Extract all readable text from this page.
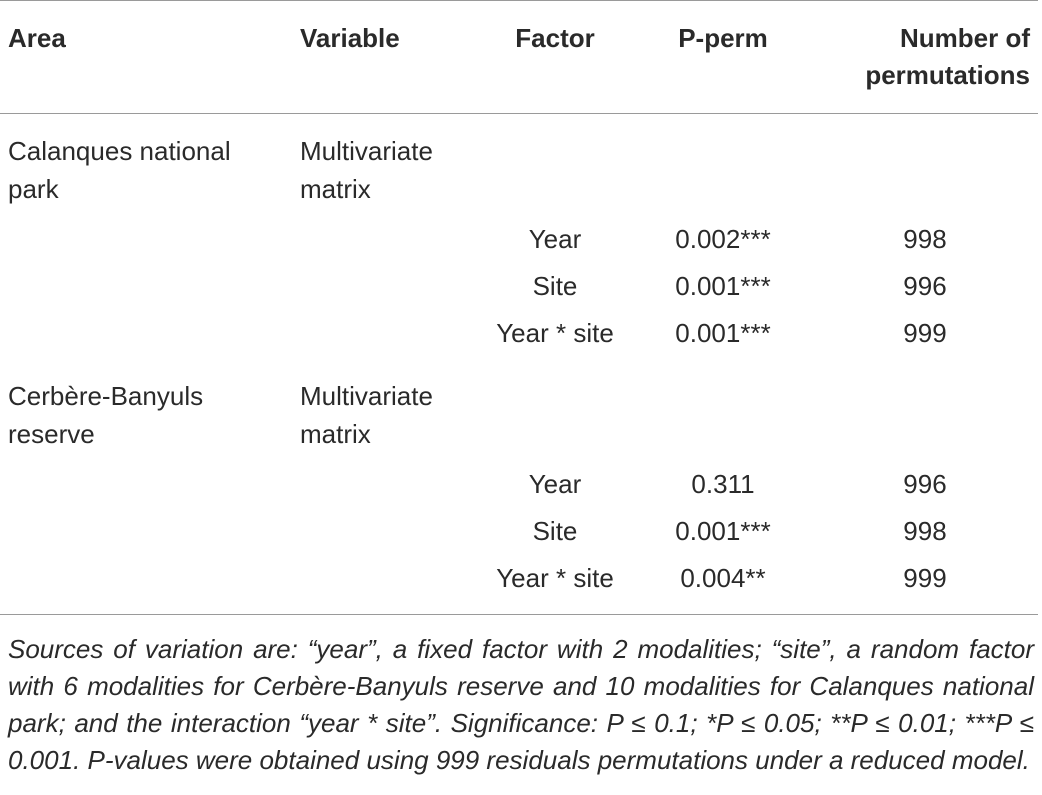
Area	Variable	Factor	P-perm	Number of permutations
Calanques national park	Multivariate matrix			
		Year	0.002***	998
		Site	0.001***	996
		Year * site	0.001***	999
Cerbère-Banyuls reserve	Multivariate matrix			
		Year	0.311	996
		Site	0.001***	998
		Year * site	0.004**	999

Sources of variation are: “year”, a fixed factor with 2 modalities; “site”, a random factor with 6 modalities for Cerbère-Banyuls reserve and 10 modalities for Calanques national park; and the interaction “year * site”. Significance: P ≤ 0.1; *P ≤ 0.05; **P ≤ 0.01; ***P ≤ 0.001. P-values were obtained using 999 residuals permutations under a reduced model.
